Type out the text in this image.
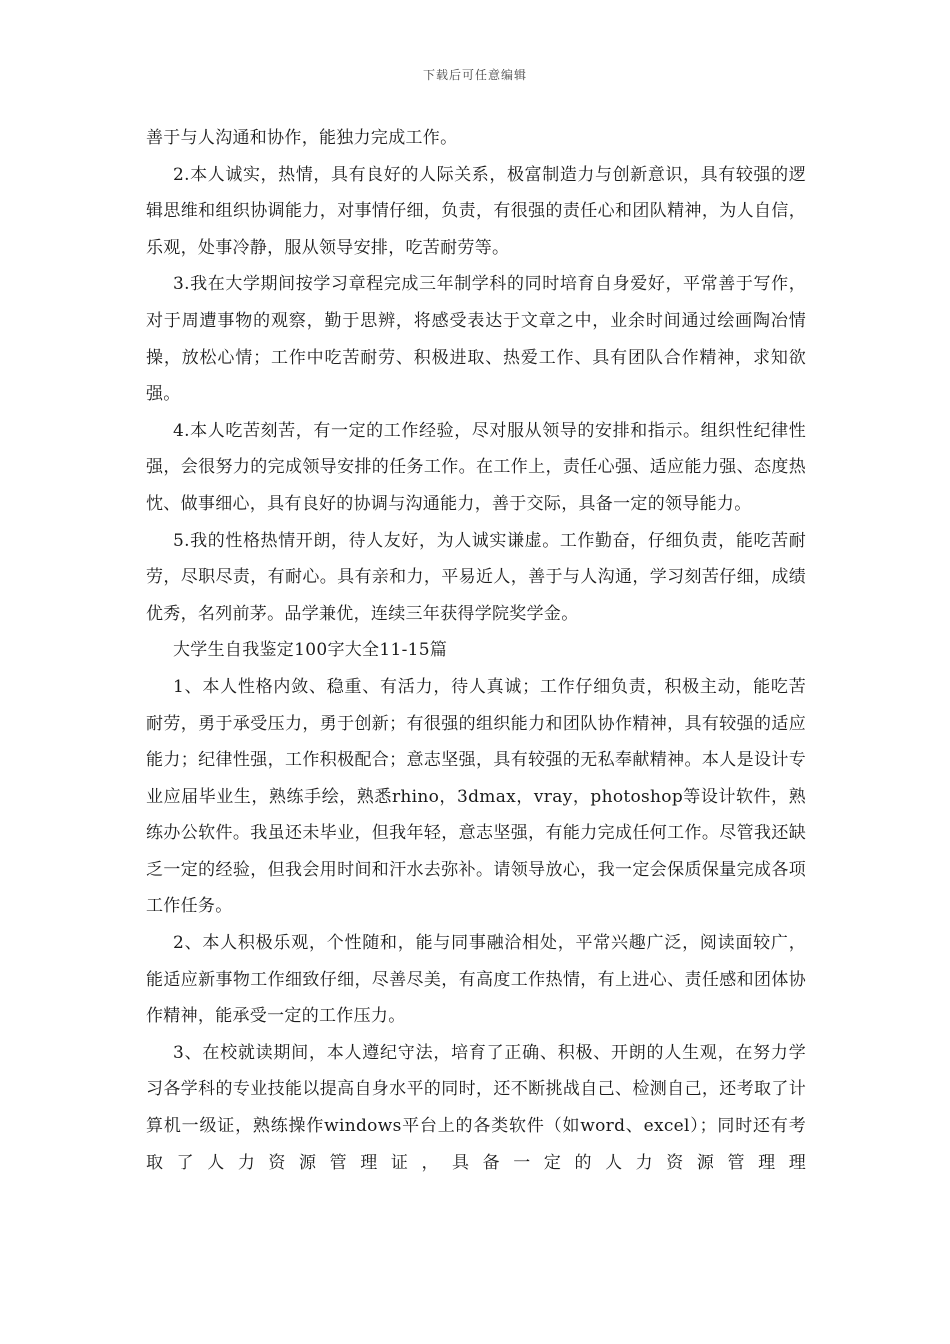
下载后可任意编辑

善于与人沟通和协作，能独力完成工作。

2.本人诚实，热情，具有良好的人际关系，极富制造力与创新意识，具有较强的逻辑思维和组织协调能力，对事情仔细，负责，有很强的责任心和团队精神，为人自信，乐观，处事冷静，服从领导安排，吃苦耐劳等。

3.我在大学期间按学习章程完成三年制学科的同时培育自身爱好，平常善于写作，对于周遭事物的观察，勤于思辨，将感受表达于文章之中，业余时间通过绘画陶冶情操，放松心情；工作中吃苦耐劳、积极进取、热爱工作、具有团队合作精神，求知欲强。

4.本人吃苦刻苦，有一定的工作经验，尽对服从领导的安排和指示。组织性纪律性强，会很努力的完成领导安排的任务工作。在工作上，责任心强、适应能力强、态度热忱、做事细心，具有良好的协调与沟通能力，善于交际，具备一定的领导能力。

5.我的性格热情开朗，待人友好，为人诚实谦虚。工作勤奋，仔细负责，能吃苦耐劳，尽职尽责，有耐心。具有亲和力，平易近人，善于与人沟通，学习刻苦仔细，成绩优秀，名列前茅。品学兼优，连续三年获得学院奖学金。

大学生自我鉴定100字大全11-15篇

1、本人性格内敛、稳重、有活力，待人真诚；工作仔细负责，积极主动，能吃苦耐劳，勇于承受压力，勇于创新；有很强的组织能力和团队协作精神，具有较强的适应能力；纪律性强，工作积极配合；意志坚强，具有较强的无私奉献精神。本人是设计专业应届毕业生，熟练手绘，熟悉rhino，3dmax，vray，photoshop等设计软件，熟练办公软件。我虽还未毕业，但我年轻，意志坚强，有能力完成任何工作。尽管我还缺乏一定的经验，但我会用时间和汗水去弥补。请领导放心，我一定会保质保量完成各项工作任务。

2、本人积极乐观，个性随和，能与同事融洽相处，平常兴趣广泛，阅读面较广，能适应新事物工作细致仔细，尽善尽美，有高度工作热情，有上进心、责任感和团体协作精神，能承受一定的工作压力。

3、在校就读期间，本人遵纪守法，培育了正确、积极、开朗的人生观，在努力学习各学科的专业技能以提高自身水平的同时，还不断挑战自己、检测自己，还考取了计算机一级证，熟练操作windows平台上的各类软件（如word、excel）；同时还有考取了人力资源管理证，具备一定的人力资源管理理
